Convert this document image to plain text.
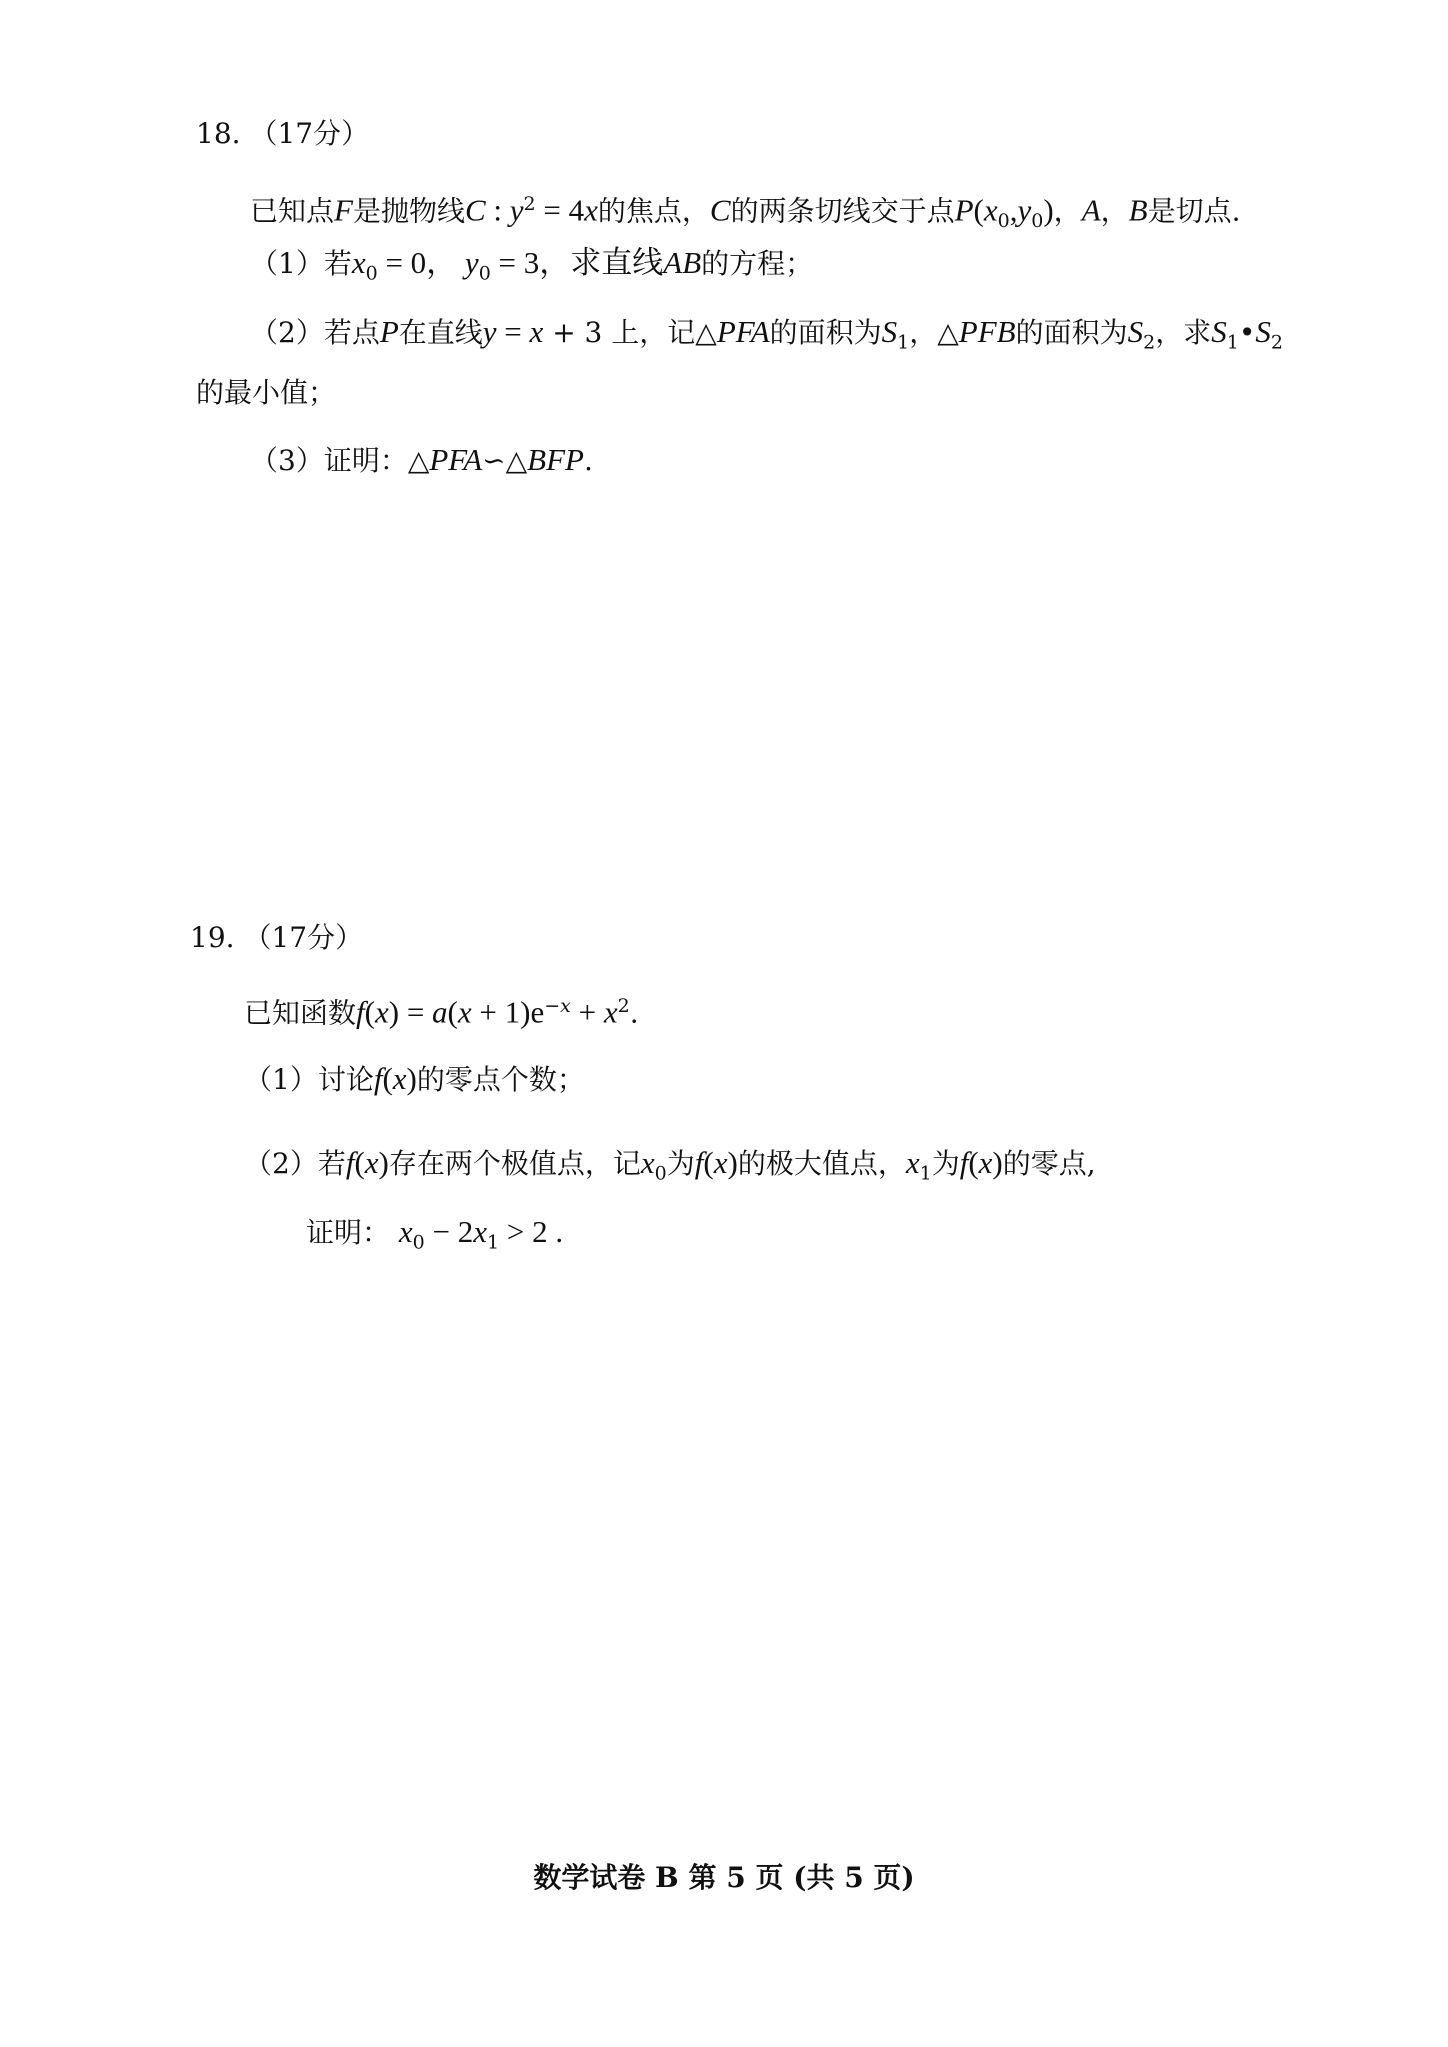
18. （17分）
已知点F是抛物线C : $y^2 = 4x$的焦点，C的两条切线交于点$P(x_0,y_0)$，A，B是切点.
（1）若$x_0 = 0$， $y_0 = 3$，求直线AB的方程；
（2）若点P在直线y = x + 3 上，记△PFA的面积为$S_1$，△PFB的面积为$S_2$，求$S_1•S_2$
的最小值；
（3）证明：△PFA∽△BFP.
19. （17分）
已知函数$f(x) = a(x + 1)e^{-x} + x^2$.
（1）讨论f(x)的零点个数；
（2）若f(x)存在两个极值点，记$x_0$为f(x)的极大值点，$x_1$为f(x)的零点,
证明： $x_0 - 2x_1 > 2$ .
数学试卷 B 第 5 页 (共 5 页)
